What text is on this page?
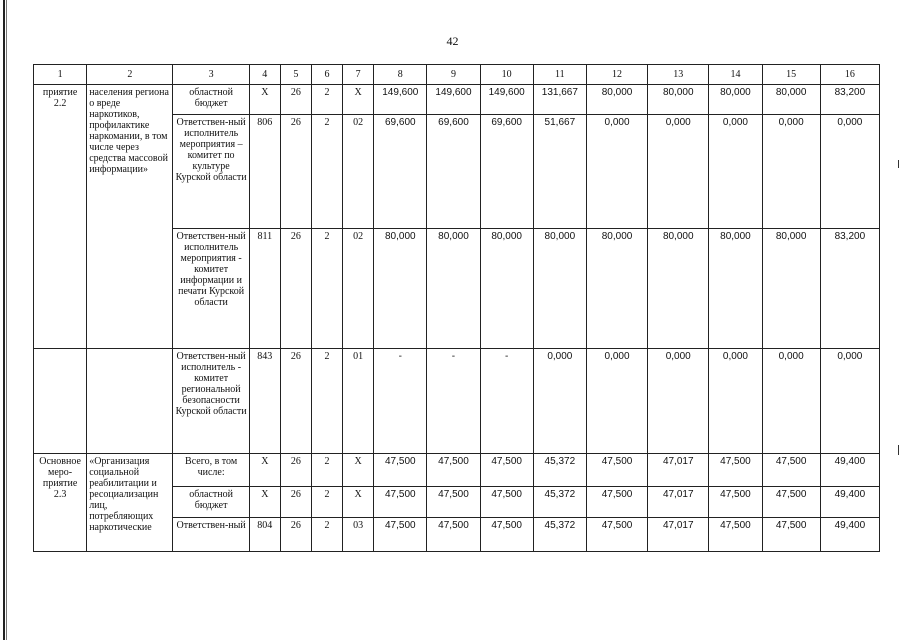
42
1	2	3	4	5	6	7	8	9	10	11	12	13	14	15	16
приятие 2.2	населения региона о вреде наркотиков, профилактике наркомании, в том числе через средства массовой информации»	областной бюджет	Х	26	2	Х	149,600	149,600	149,600	131,667	80,000	80,000	80,000	80,000	83,200
		Ответствен-ный исполнитель мероприятия – комитет по культуре Курской области	806	26	2	02	69,600	69,600	69,600	51,667	0,000	0,000	0,000	0,000	0,000
		Ответствен-ный исполнитель мероприятия - комитет информации и печати Курской области	811	26	2	02	80,000	80,000	80,000	80,000	80,000	80,000	80,000	80,000	83,200
		Ответствен-ный исполнитель - комитет региональной безопасности Курской области	843	26	2	01	-	-	-	0,000	0,000	0,000	0,000	0,000	0,000
Основное меро-приятие 2.3	«Организация социальной реабилитации и ресоциализацин лиц, потребляющих наркотические	Всего, в том числе:	Х	26	2	Х	47,500	47,500	47,500	45,372	47,500	47,017	47,500	47,500	49,400
		областной бюджет	Х	26	2	Х	47,500	47,500	47,500	45,372	47,500	47,017	47,500	47,500	49,400
		Ответствен-ный	804	26	2	03	47,500	47,500	47,500	45,372	47,500	47,017	47,500	47,500	49,400
